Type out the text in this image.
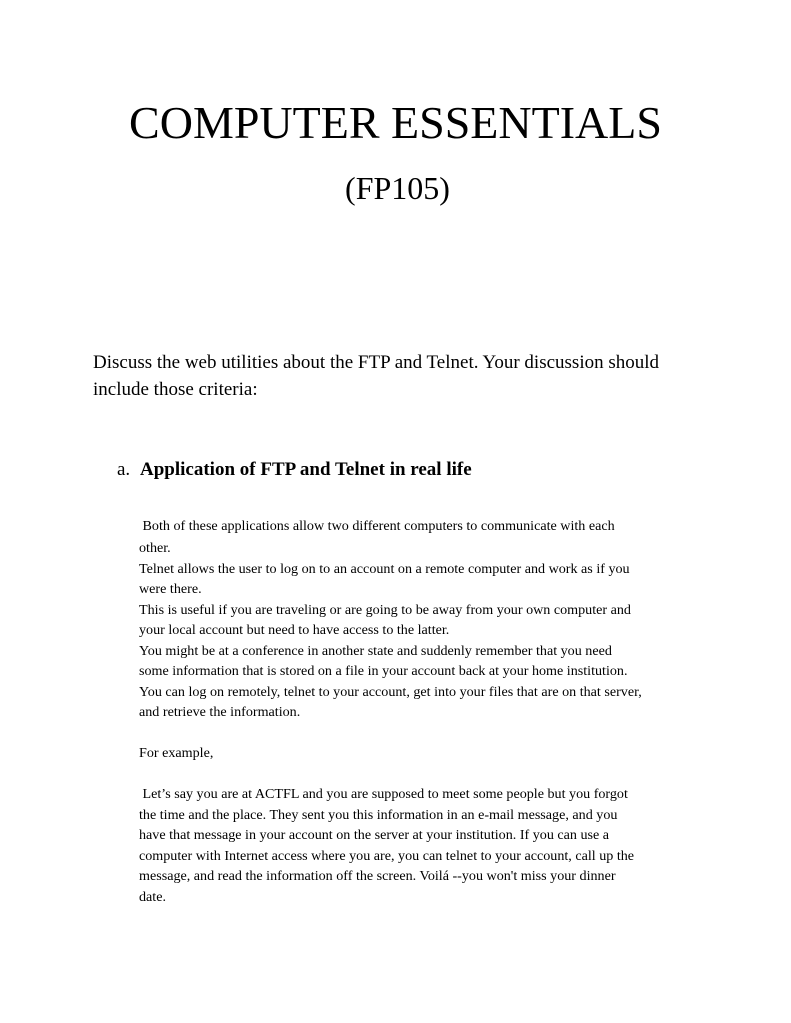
COMPUTER ESSENTIALS
(FP105)

Discuss the web utilities about the FTP and Telnet. Your discussion should include those criteria:

a. Application of FTP and Telnet in real life

Both of these applications allow two different computers to communicate with each

other.

Telnet allows the user to log on to an account on a remote computer and work as if you

were there.

This is useful if you are traveling or are going to be away from your own computer and

your local account but need to have access to the latter.

You might be at a conference in another state and suddenly remember that you need

some information that is stored on a file in your account back at your home institution.

You can log on remotely, telnet to your account, get into your files that are on that server,

and retrieve the information.

For example,

Let’s say you are at ACTFL and you are supposed to meet some people but you forgot

the time and the place. They sent you this information in an e-mail message, and you

have that message in your account on the server at your institution. If you can use a

computer with Internet access where you are, you can telnet to your account, call up the

message, and read the information off the screen. Voilá --you won't miss your dinner

date.
